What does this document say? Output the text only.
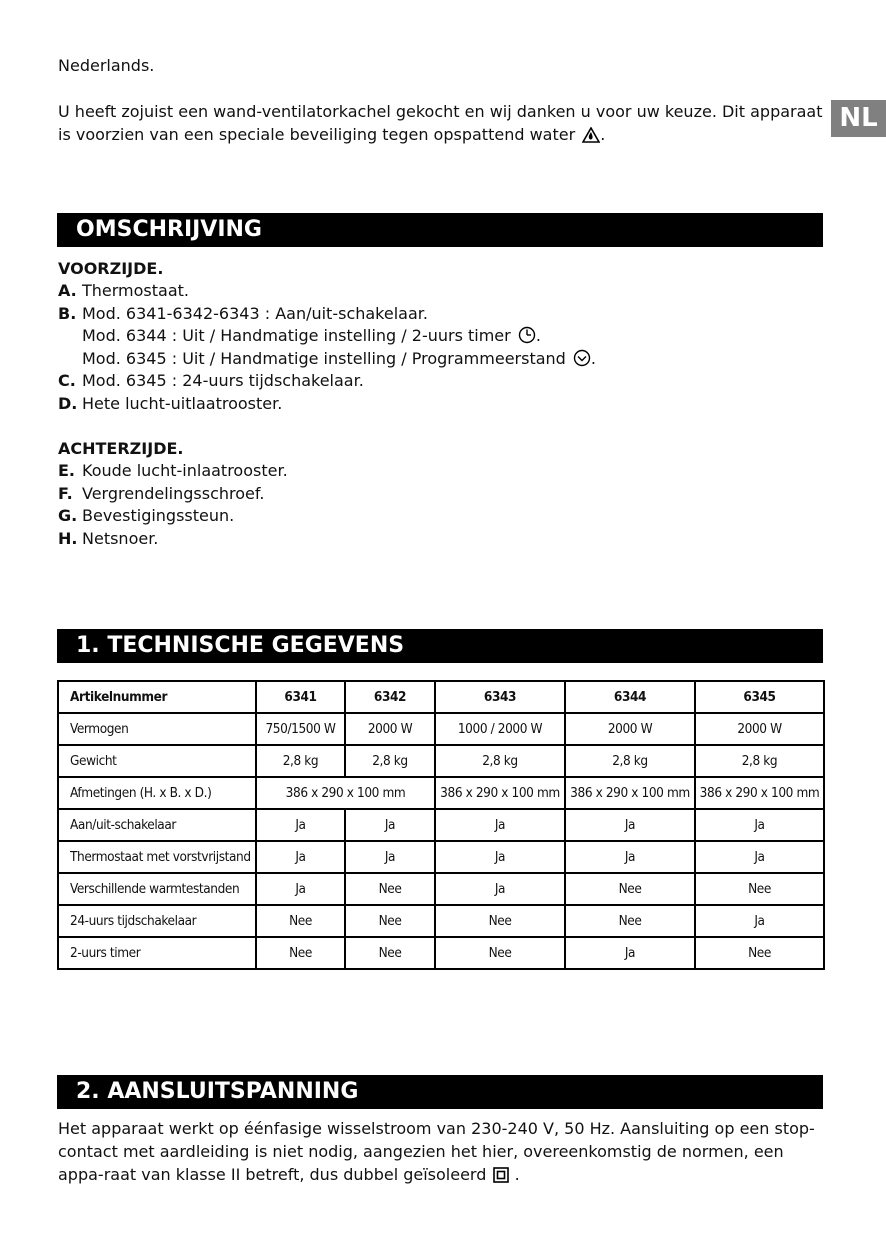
Nederlands.
U heeft zojuist een wand-ventilatorkachel gekocht en wij danken u voor uw keuze. Dit apparaat is voorzien van een speciale beveiliging tegen opspattend water .
NL
OMSCHRIJVING
VOORZIJDE.
A. Thermostaat.
B. Mod. 6341-6342-6343 : Aan/uit-schakelaar.
Mod. 6344 : Uit / Handmatige instelling / 2-uurs timer .
Mod. 6345 : Uit / Handmatige instelling / Programmeerstand .
C. Mod. 6345 : 24-uurs tijdschakelaar.
D. Hete lucht-uitlaatrooster.
ACHTERZIJDE.
E. Koude lucht-inlaatrooster.
F. Vergrendelingsschroef.
G. Bevestigingssteun.
H. Netsnoer.
1. TECHNISCHE GEGEVENS
Artikelnummer	6341	6342	6343	6344	6345
Vermogen	750/1500 W	2000 W	1000 / 2000 W	2000 W	2000 W
Gewicht	2,8 kg	2,8 kg	2,8 kg	2,8 kg	2,8 kg
Afmetingen (H. x B. x D.)	386 x 290 x 100 mm		386 x 290 x 100 mm	386 x 290 x 100 mm	386 x 290 x 100 mm
Aan/uit-schakelaar	Ja	Ja	Ja	Ja	Ja
Thermostaat met vorstvrijstand	Ja	Ja	Ja	Ja	Ja
Verschillende warmtestanden	Ja	Nee	Ja	Nee	Nee
24-uurs tijdschakelaar	Nee	Nee	Nee	Nee	Ja
2-uurs timer	Nee	Nee	Nee	Ja	Nee
2. AANSLUITSPANNING
Het apparaat werkt op éénfasige wisselstroom van 230-240 V, 50 Hz. Aansluiting op een stop-contact met aardleiding is niet nodig, aangezien het hier, overeenkomstig de normen, een appa-raat van klasse II betreft, dus dubbel geïsoleerd  .
